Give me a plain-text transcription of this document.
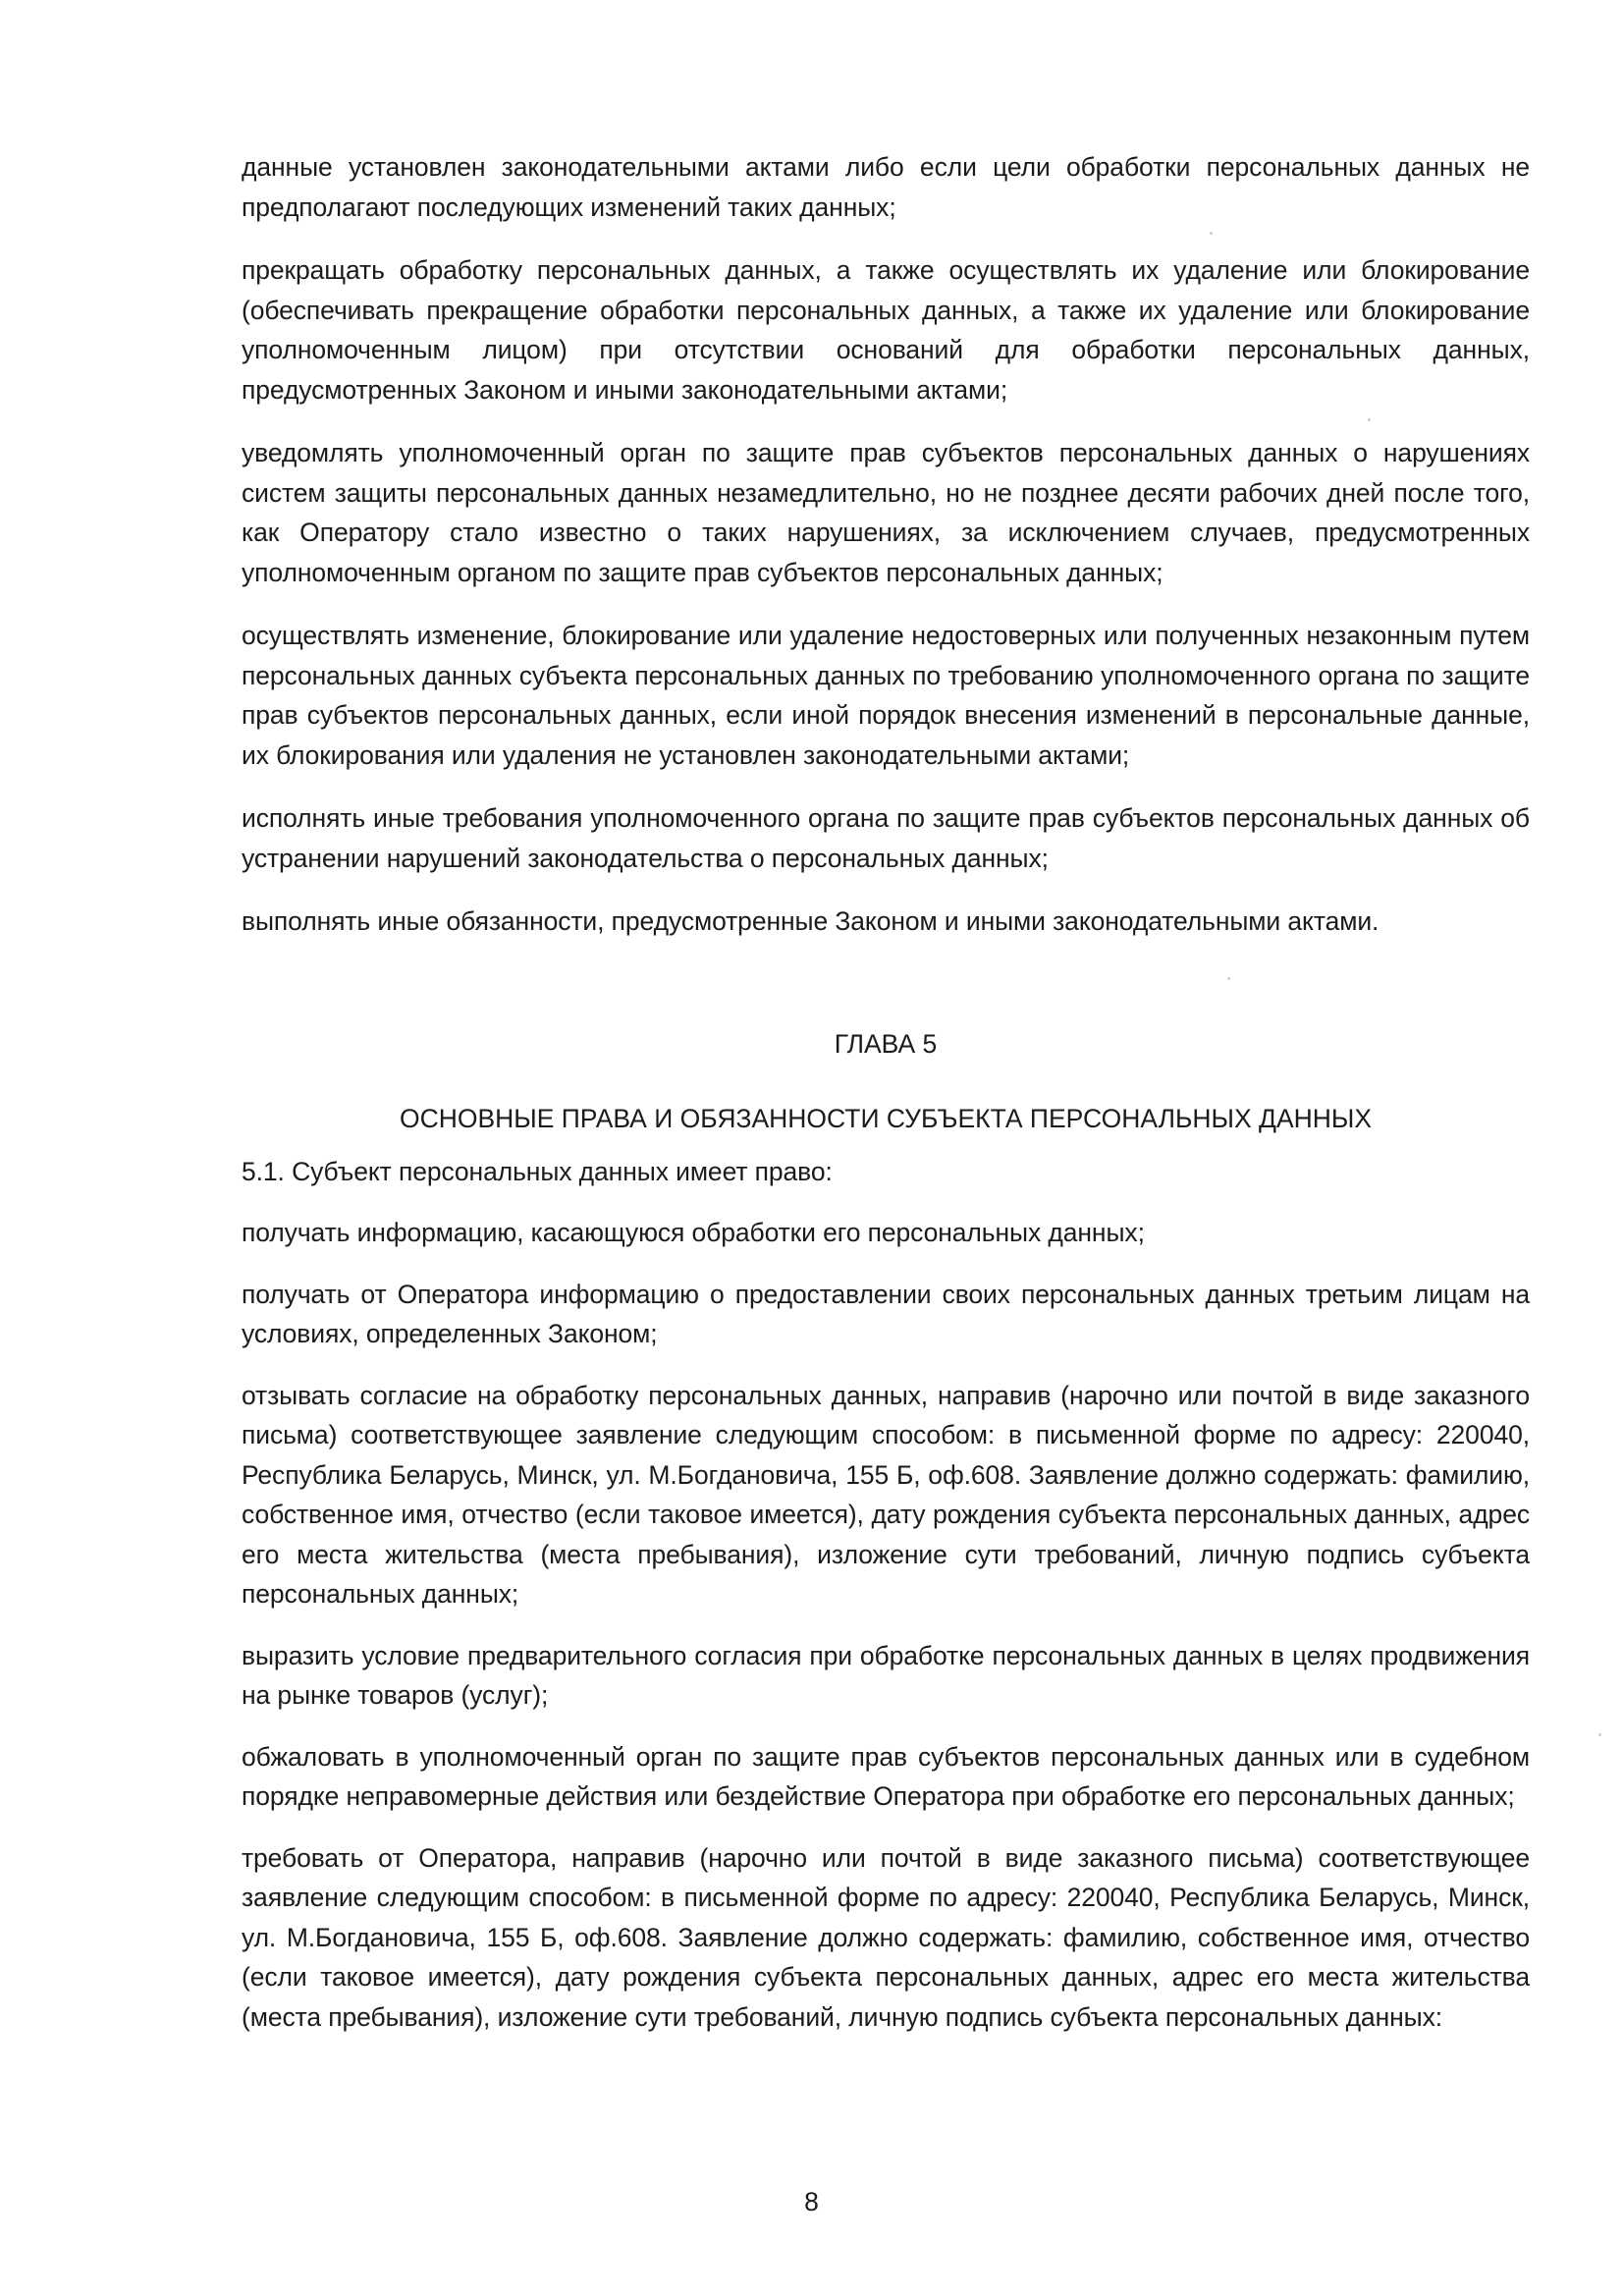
данные установлен законодательными актами либо если цели обработки персональных данных не предполагают последующих изменений таких данных;

прекращать обработку персональных данных, а также осуществлять их удаление или блокирование (обеспечивать прекращение обработки персональных данных, а также их удаление или блокирование уполномоченным лицом) при отсутствии оснований для обработки персональных данных, предусмотренных Законом и иными законодательными актами;

уведомлять уполномоченный орган по защите прав субъектов персональных данных о нарушениях систем защиты персональных данных незамедлительно, но не позднее десяти рабочих дней после того, как Оператору стало известно о таких нарушениях, за исключением случаев, предусмотренных уполномоченным органом по защите прав субъектов персональных данных;

осуществлять изменение, блокирование или удаление недостоверных или полученных незаконным путем персональных данных субъекта персональных данных по требованию уполномоченного органа по защите прав субъектов персональных данных, если иной порядок внесения изменений в персональные данные, их блокирования или удаления не установлен законодательными актами;

исполнять иные требования уполномоченного органа по защите прав субъектов персональных данных об устранении нарушений законодательства о персональных данных;

выполнять иные обязанности, предусмотренные Законом и иными законодательными актами.

ГЛАВА 5

ОСНОВНЫЕ ПРАВА И ОБЯЗАННОСТИ СУБЪЕКТА ПЕРСОНАЛЬНЫХ ДАННЫХ

5.1. Субъект персональных данных имеет право:

получать информацию, касающуюся обработки его персональных данных;

получать от Оператора информацию о предоставлении своих персональных данных третьим лицам на условиях, определенных Законом;

отзывать согласие на обработку персональных данных, направив (нарочно или почтой в виде заказного письма) соответствующее заявление следующим способом: в письменной форме по адресу: 220040, Республика Беларусь, Минск, ул. М.Богдановича, 155 Б, оф.608. Заявление должно содержать: фамилию, собственное имя, отчество (если таковое имеется), дату рождения субъекта персональных данных, адрес его места жительства (места пребывания), изложение сути требований, личную подпись субъекта персональных данных;

выразить условие предварительного согласия при обработке персональных данных в целях продвижения на рынке товаров (услуг);

обжаловать в уполномоченный орган по защите прав субъектов персональных данных или в судебном порядке неправомерные действия или бездействие Оператора при обработке его персональных данных;

требовать от Оператора, направив (нарочно или почтой в виде заказного письма) соответствующее заявление следующим способом: в письменной форме по адресу: 220040, Республика Беларусь, Минск, ул. М.Богдановича, 155 Б, оф.608. Заявление должно содержать: фамилию, собственное имя, отчество (если таковое имеется), дату рождения субъекта персональных данных, адрес его места жительства (места пребывания), изложение сути требований, личную подпись субъекта персональных данных:

8
